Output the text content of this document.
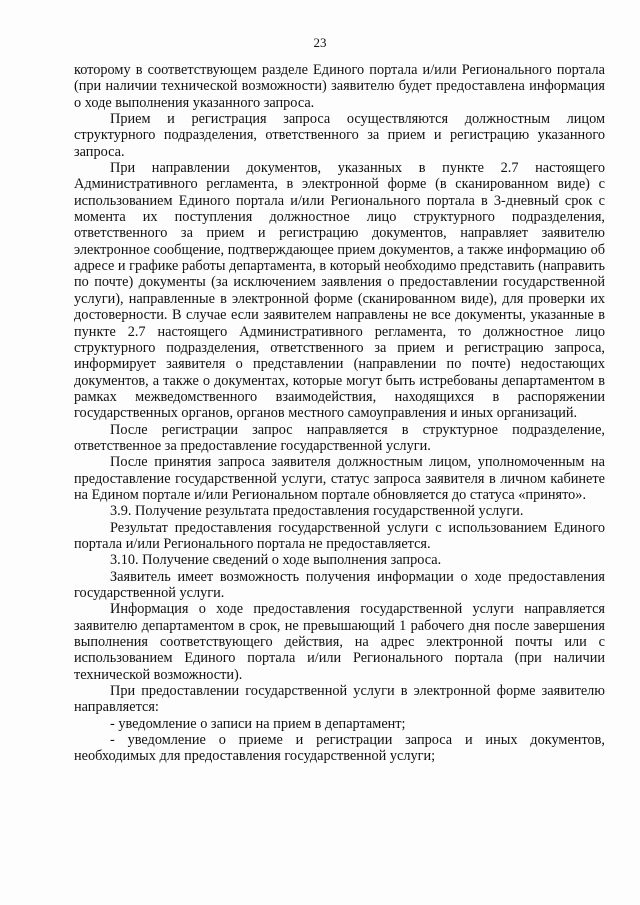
23

которому в соответствующем разделе Единого портала и/или Регионального портала (при наличии технической возможности) заявителю будет предоставлена информация о ходе выполнения указанного запроса.

Прием и регистрация запроса осуществляются должностным лицом структурного подразделения, ответственного за прием и регистрацию указанного запроса.

При направлении документов, указанных в пункте 2.7 настоящего Административного регламента, в электронной форме (в сканированном виде) с использованием Единого портала и/или Регионального портала в 3-дневный срок с момента их поступления должностное лицо структурного подразделения, ответственного за прием и регистрацию документов, направляет заявителю электронное сообщение, подтверждающее прием документов, а также информацию об адресе и графике работы департамента, в который необходимо представить (направить по почте) документы (за исключением заявления о предоставлении государственной услуги), направленные в электронной форме (сканированном виде), для проверки их достоверности. В случае если заявителем направлены не все документы, указанные в пункте 2.7 настоящего Административного регламента, то должностное лицо структурного подразделения, ответственного за прием и регистрацию запроса, информирует заявителя о представлении (направлении по почте) недостающих документов, а также о документах, которые могут быть истребованы департаментом в рамках межведомственного взаимодействия, находящихся в распоряжении государственных органов, органов местного самоуправления и иных организаций.

После регистрации запрос направляется в структурное подразделение, ответственное за предоставление государственной услуги.

После принятия запроса заявителя должностным лицом, уполномоченным на предоставление государственной услуги, статус запроса заявителя в личном кабинете на Едином портале и/или Региональном портале обновляется до статуса «принято».

3.9. Получение результата предоставления государственной услуги.

Результат предоставления государственной услуги с использованием Единого портала и/или Регионального портала не предоставляется.

3.10. Получение сведений о ходе выполнения запроса.

Заявитель имеет возможность получения информации о ходе предоставления государственной услуги.

Информация о ходе предоставления государственной услуги направляется заявителю департаментом в срок, не превышающий 1 рабочего дня после завершения выполнения соответствующего действия, на адрес электронной почты или с использованием Единого портала и/или Регионального портала (при наличии технической возможности).

При предоставлении государственной услуги в электронной форме заявителю направляется:

- уведомление о записи на прием в департамент;

- уведомление о приеме и регистрации запроса и иных документов, необходимых для предоставления государственной услуги;
